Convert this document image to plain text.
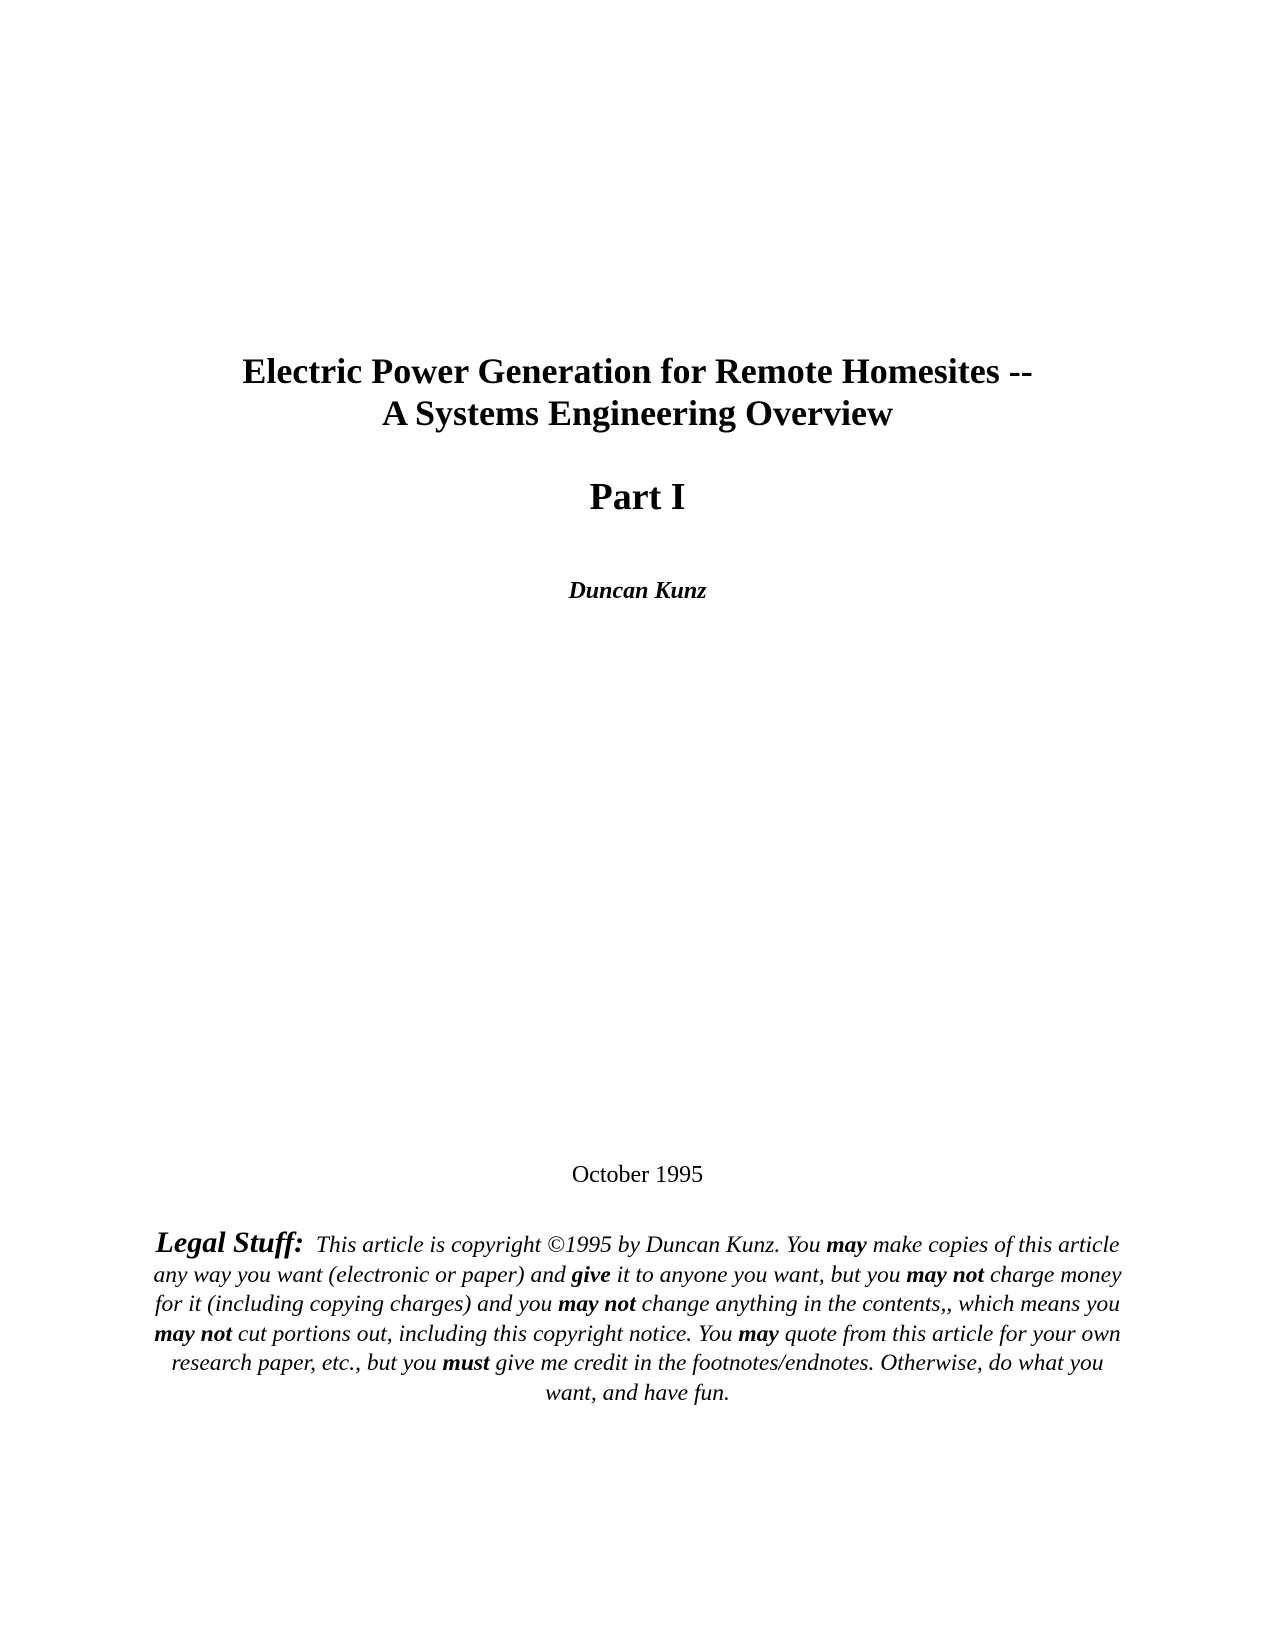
Electric Power Generation for Remote Homesites --
A Systems Engineering Overview
Part I
Duncan Kunz
October 1995
Legal Stuff: This article is copyright ©1995 by Duncan Kunz. You may make copies of this article any way you want (electronic or paper) and give it to anyone you want, but you may not charge money for it (including copying charges) and you may not change anything in the contents,, which means you may not cut portions out, including this copyright notice. You may quote from this article for your own research paper, etc., but you must give me credit in the footnotes/endnotes. Otherwise, do what you want, and have fun.
